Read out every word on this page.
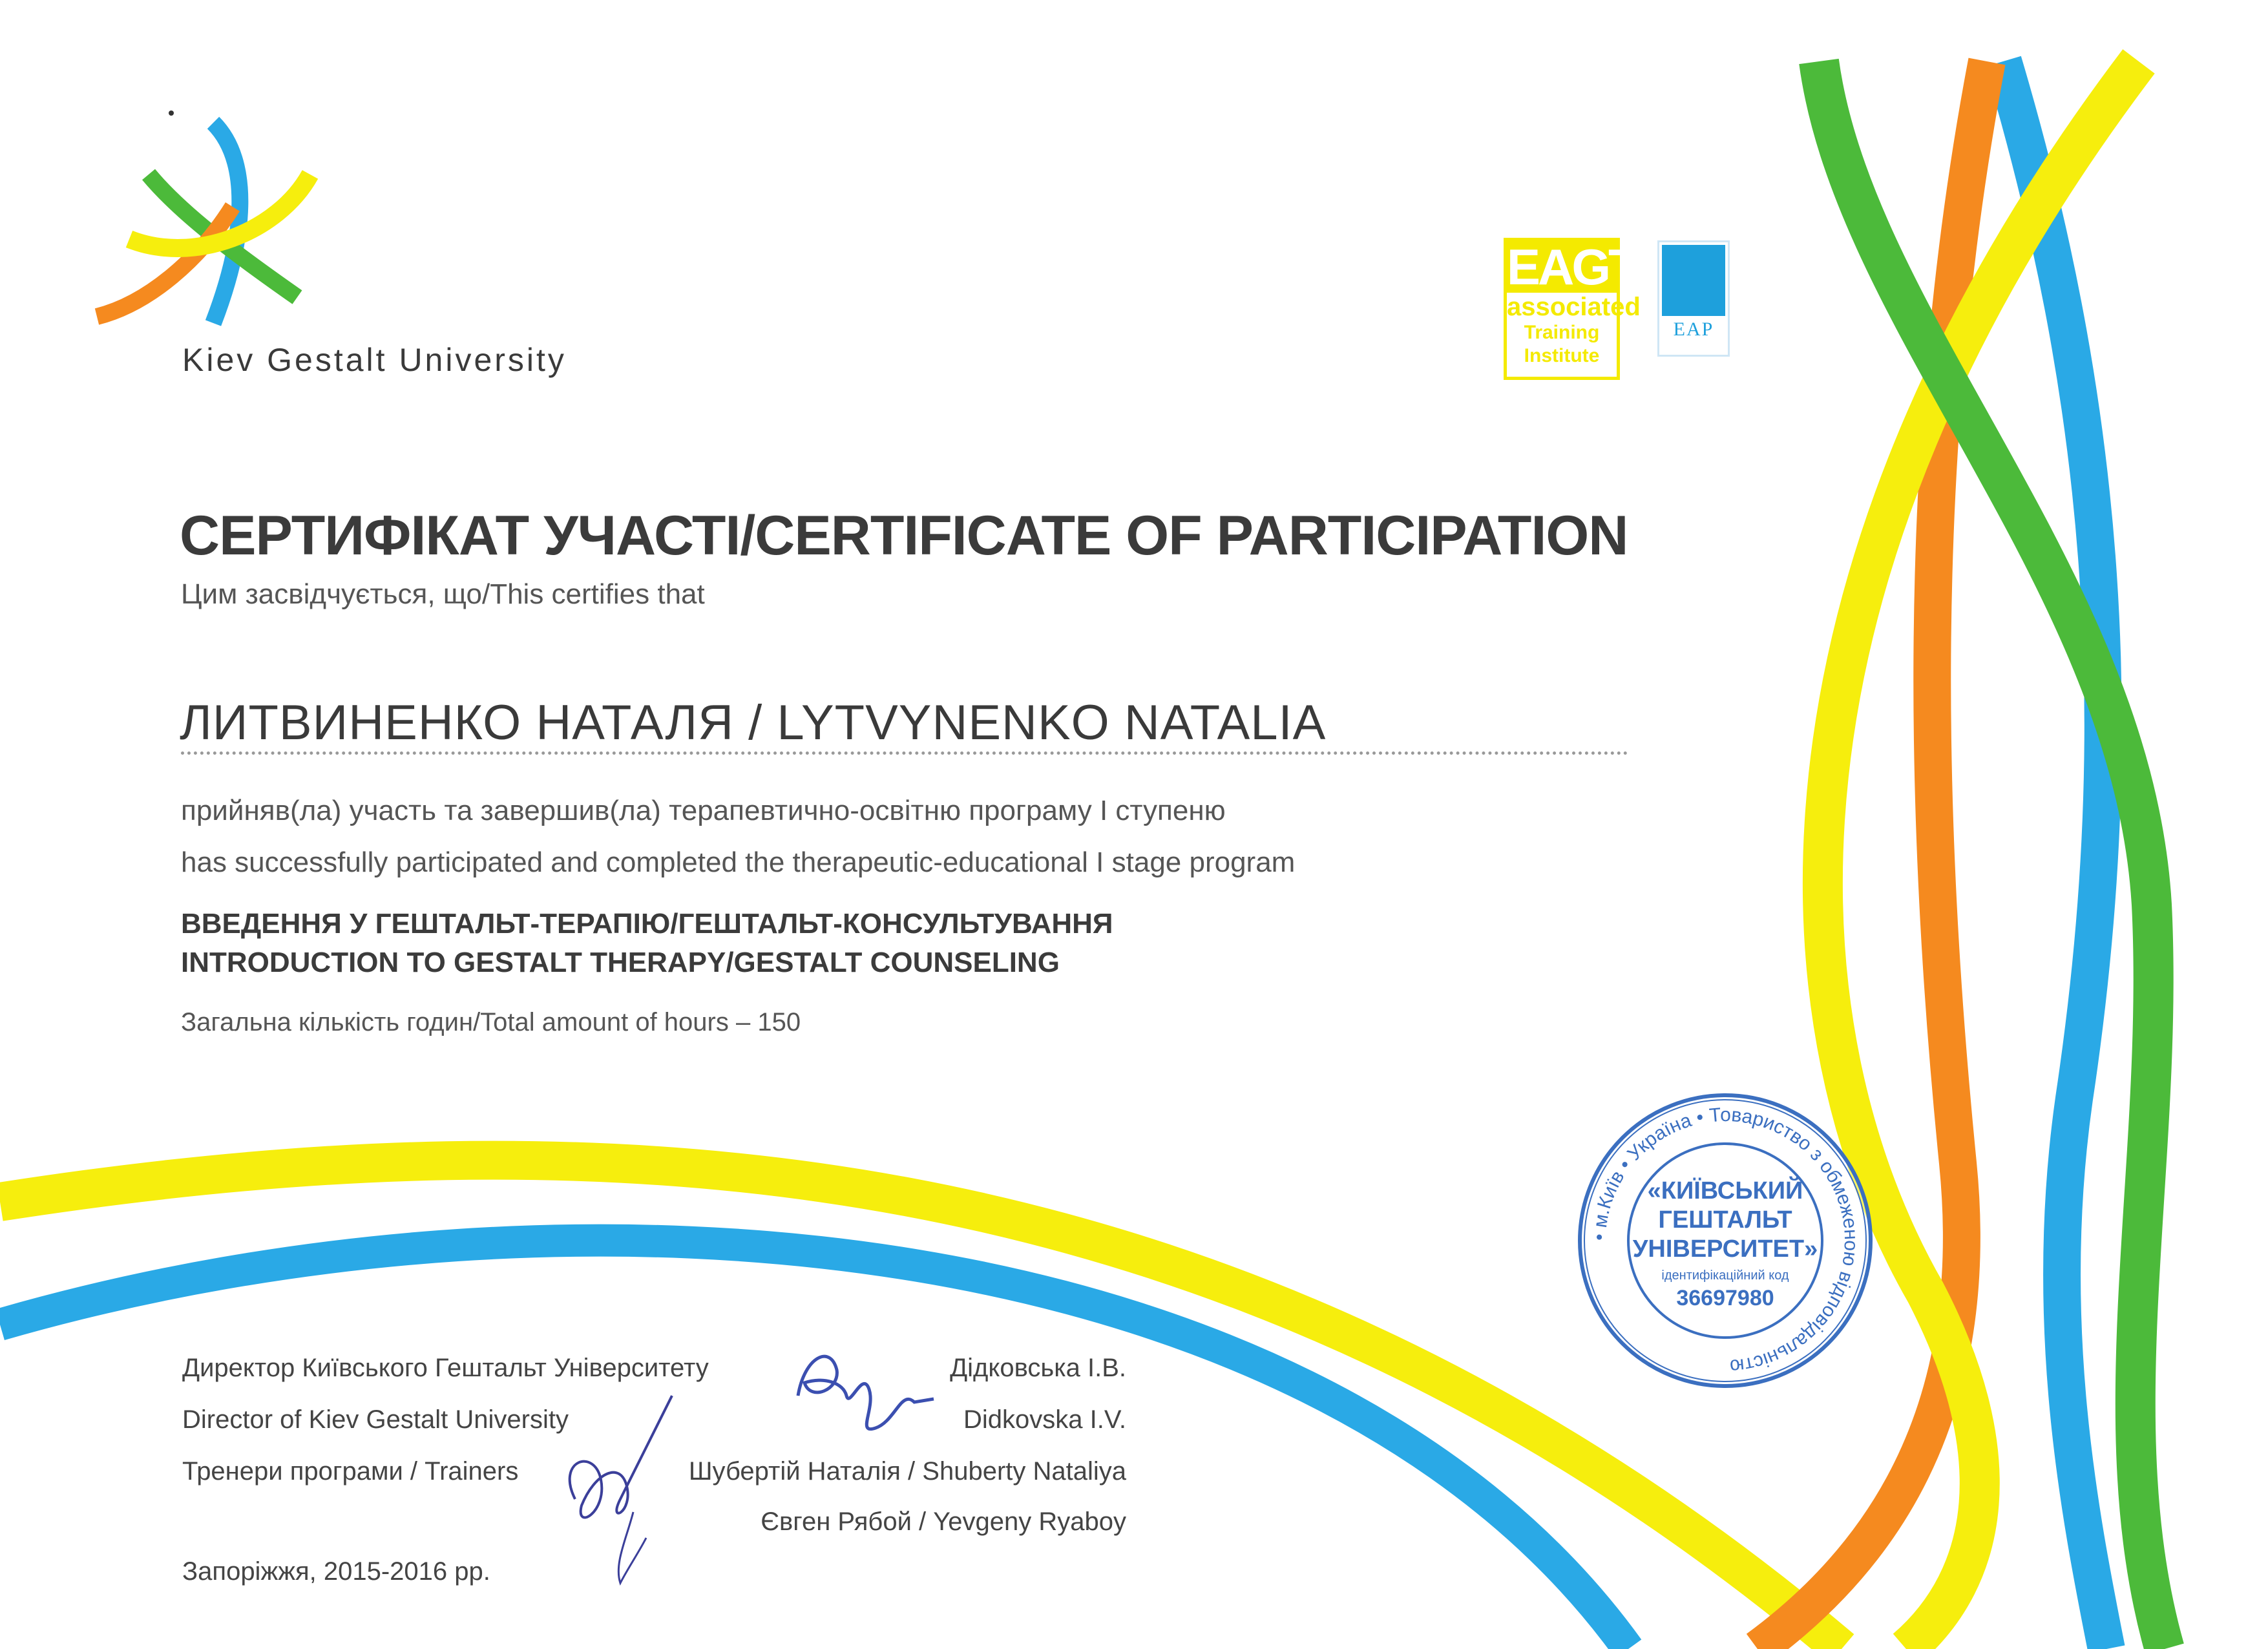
Kiev Gestalt University
EAGT
associated
Training Institute
EAP
СЕРТИФІКАТ УЧАСТІ/CERTIFICATE OF PARTICIPATION
Цим засвідчується, що/This certifies that
ЛИТВИНЕНКО НАТАЛЯ / LYTVYNENKO NATALIA
прийняв(ла) участь та завершив(ла) терапевтично-освітню програму І ступеню
has successfully participated and completed the therapeutic-educational I stage program
ВВЕДЕННЯ У ГЕШТАЛЬТ-ТЕРАПІЮ/ГЕШТАЛЬТ-КОНСУЛЬТУВАННЯ
INTRODUCTION TO GESTALT THERAPY/GESTALT COUNSELING
Загальна кількість годин/Total amount of hours – 150
Директор Київського Гештальт Університету
Director of Kiev Gestalt University
Тренери програми / Trainers
Дідковська І.В.
Didkovska I.V.
Шубертій Наталія / Shuberty Nataliya
Євген Рябой / Yevgeny Ryaboy
Запоріжжя, 2015-2016 рр.
• м.Київ • Україна • Товариство з обмеженою відповідальністю
«КИЇВСЬКИЙ
ГЕШТАЛЬТ
УНІВЕРСИТЕТ»
ідентифікаційний код
36697980
